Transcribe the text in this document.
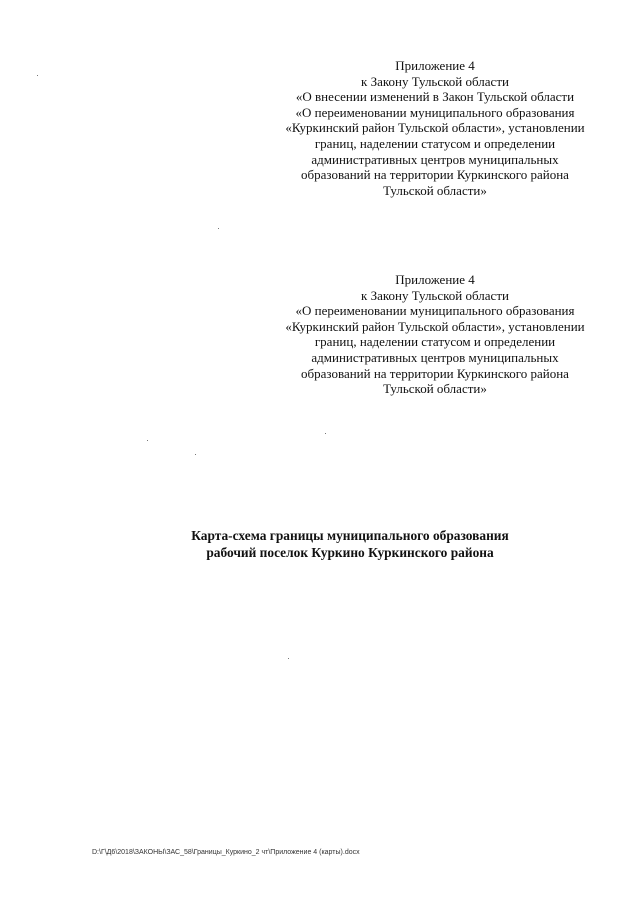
Приложение 4
к Закону Тульской области
«О внесении изменений в Закон Тульской области
«О переименовании муниципального образования
«Куркинский район Тульской области», установлении
границ, наделении статусом и определении
административных центров муниципальных
образований на территории Куркинского района
Тульской области»
Приложение 4
к Закону Тульской области
«О переименовании муниципального образования
«Куркинский район Тульской области», установлении
границ, наделении статусом и определении
административных центров муниципальных
образований на территории Куркинского района
Тульской области»
Карта-схема границы муниципального образования
рабочий поселок Куркино Куркинского района
D:\Г\Д6\2018\ЗАКОНЫ\ЗАС_58\Границы_Куркино_2 чт\Приложение 4 (карты).docx
